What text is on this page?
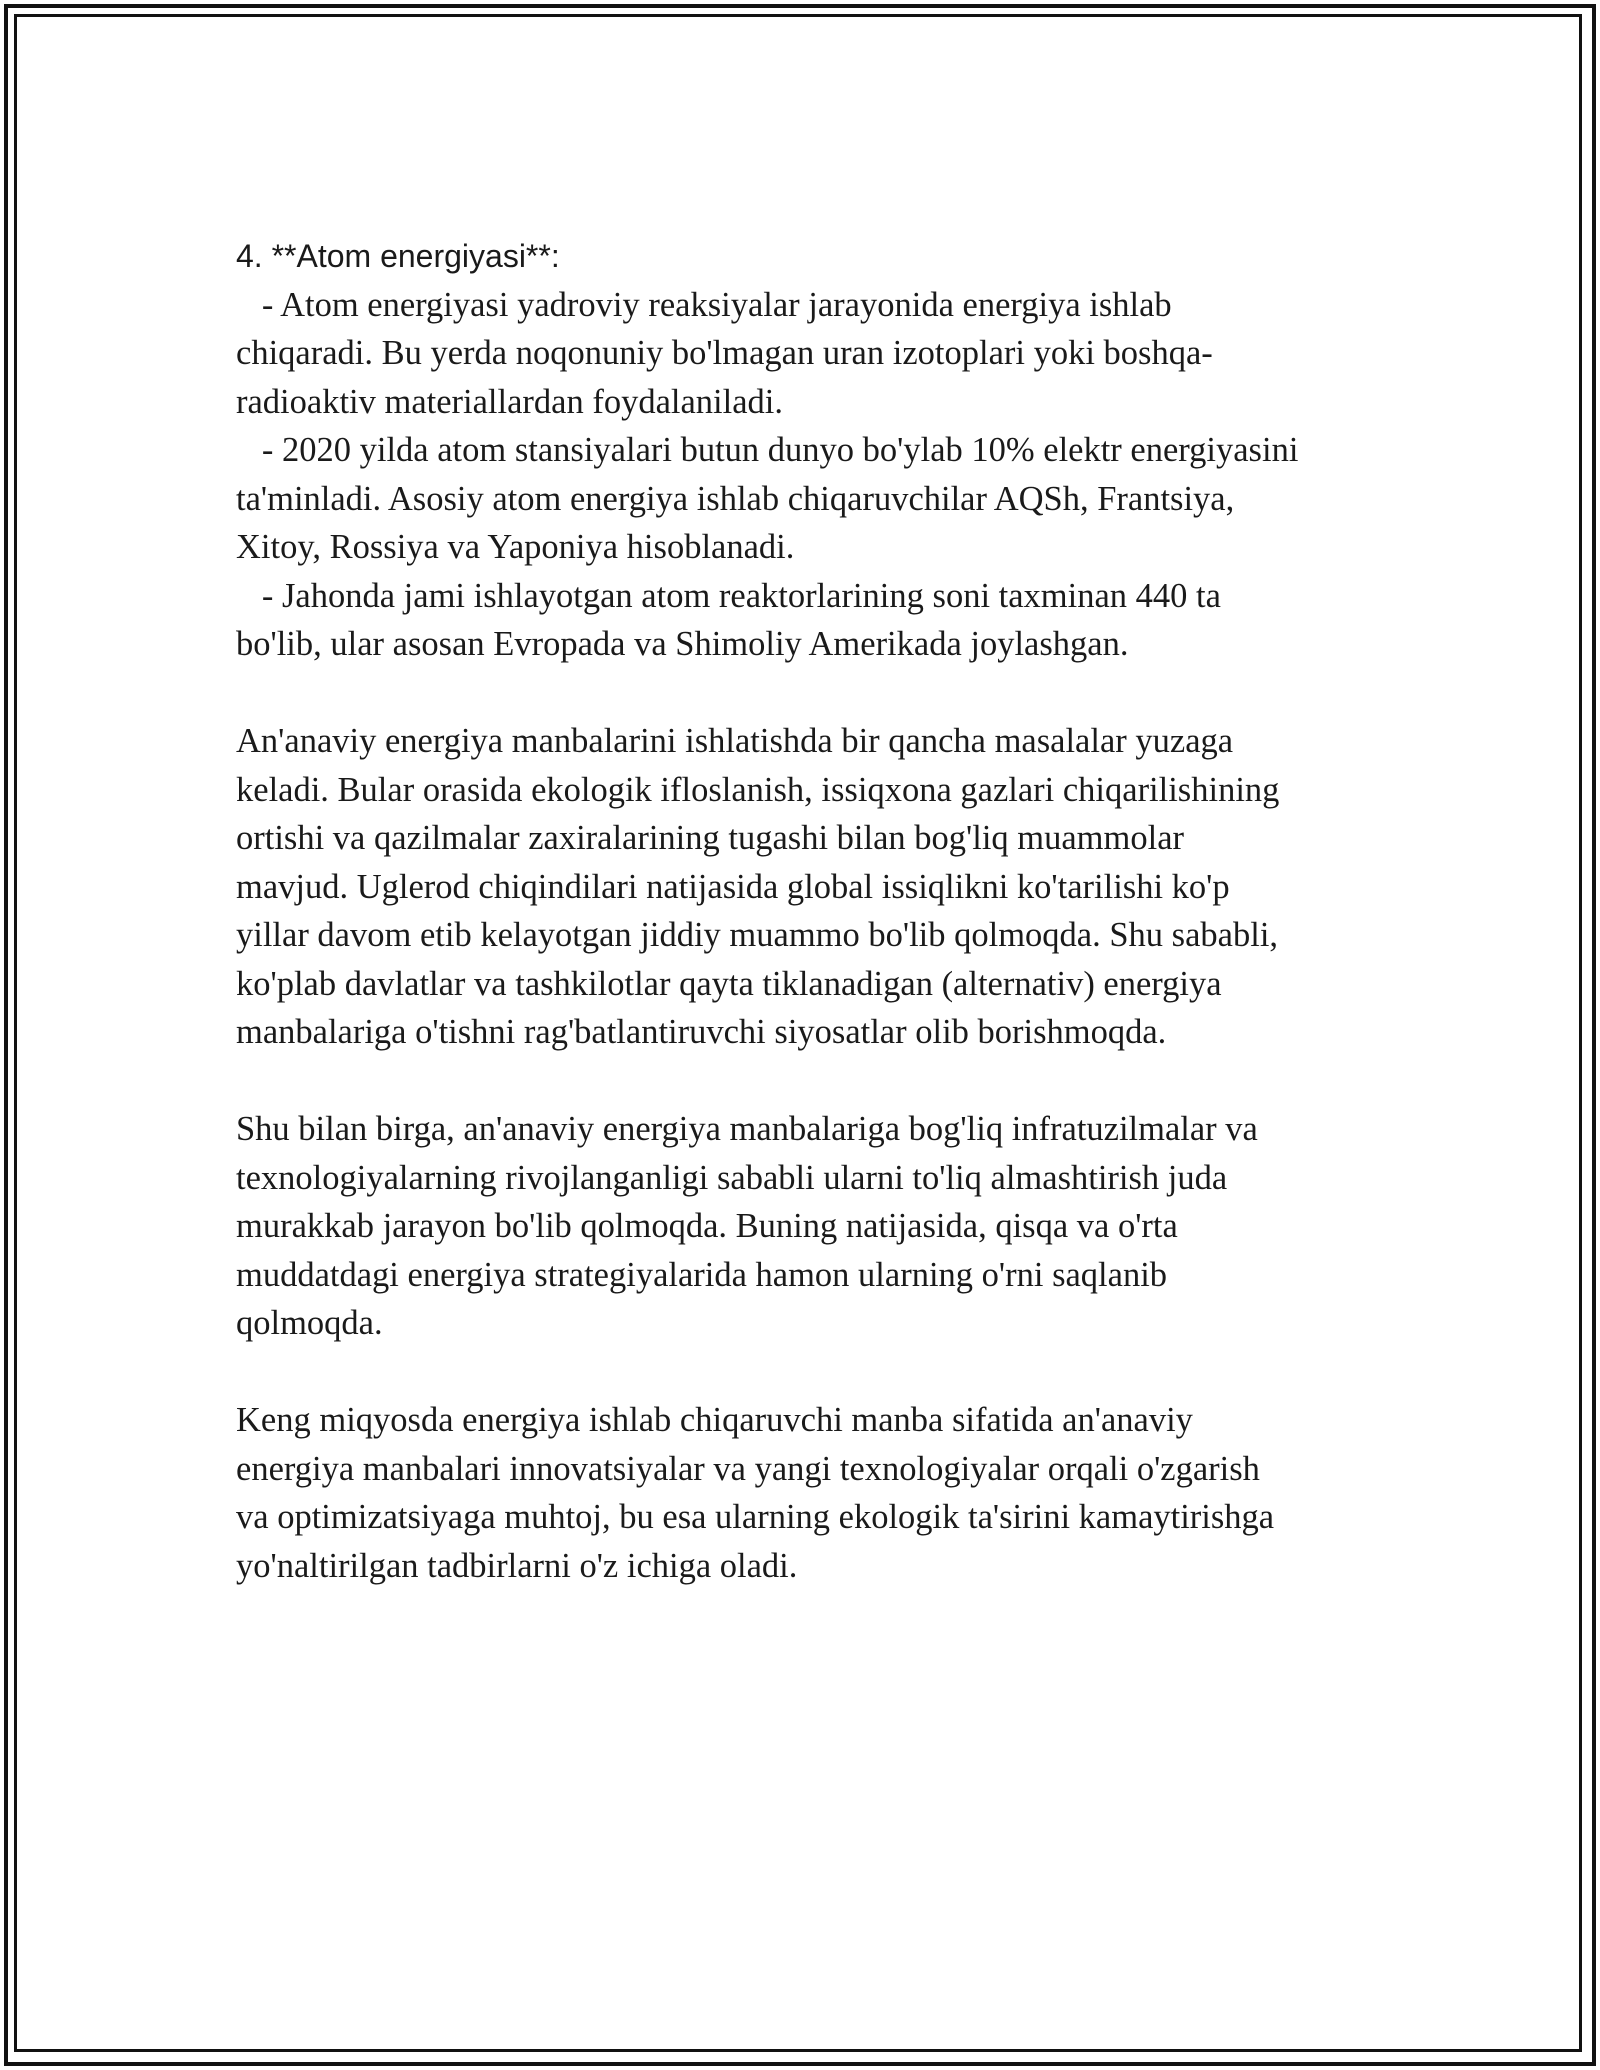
4. **Atom energiyasi**:
- Atom energiyasi yadroviy reaksiyalar jarayonida energiya ishlab
chiqaradi. Bu yerda noqonuniy bo'lmagan uran izotoplari yoki boshqa-
radioaktiv materiallardan foydalaniladi.
- 2020 yilda atom stansiyalari butun dunyo bo'ylab 10% elektr energiyasini
ta'minladi. Asosiy atom energiya ishlab chiqaruvchilar AQSh, Frantsiya,
Xitoy, Rossiya va Yaponiya hisoblanadi.
- Jahonda jami ishlayotgan atom reaktorlarining soni taxminan 440 ta
bo'lib, ular asosan Evropada va Shimoliy Amerikada joylashgan.
An'anaviy energiya manbalarini ishlatishda bir qancha masalalar yuzaga
keladi. Bular orasida ekologik ifloslanish, issiqxona gazlari chiqarilishining
ortishi va qazilmalar zaxiralarining tugashi bilan bog'liq muammolar
mavjud. Uglerod chiqindilari natijasida global issiqlikni ko'tarilishi ko'p
yillar davom etib kelayotgan jiddiy muammo bo'lib qolmoqda. Shu sababli,
ko'plab davlatlar va tashkilotlar qayta tiklanadigan (alternativ) energiya
manbalariga o'tishni rag'batlantiruvchi siyosatlar olib borishmoqda.
Shu bilan birga, an'anaviy energiya manbalariga bog'liq infratuzilmalar va
texnologiyalarning rivojlanganligi sababli ularni to'liq almashtirish juda
murakkab jarayon bo'lib qolmoqda. Buning natijasida, qisqa va o'rta
muddatdagi energiya strategiyalarida hamon ularning o'rni saqlanib
qolmoqda.
Keng miqyosda energiya ishlab chiqaruvchi manba sifatida an'anaviy
energiya manbalari innovatsiyalar va yangi texnologiyalar orqali o'zgarish
va optimizatsiyaga muhtoj, bu esa ularning ekologik ta'sirini kamaytirishga
yo'naltirilgan tadbirlarni o'z ichiga oladi.
